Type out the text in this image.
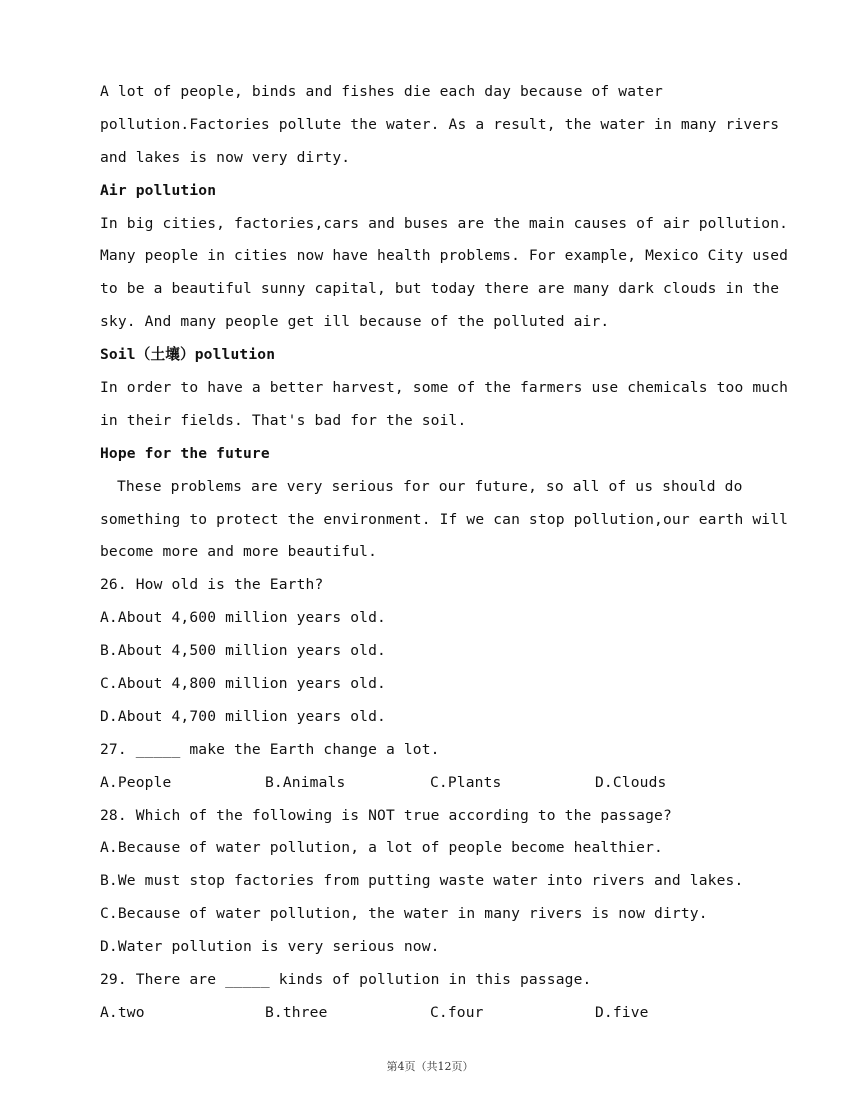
A lot of people, binds and fishes die each day because of water
pollution.Factories pollute the water. As a result, the water in many rivers
and lakes is now very dirty.
Air pollution
In big cities, factories,cars and buses are the main causes of air pollution.
Many people in cities now have health problems. For example, Mexico City used
to be a beautiful sunny capital, but today there are many dark clouds in the
sky. And many people get ill because of the polluted air.
Soil（土壤）pollution
In order to have a better harvest, some of the farmers use chemicals too much
in their fields. That's bad for the soil.
Hope for the future
These problems are very serious for our future, so all of us should do
something to protect the environment. If we can stop pollution,our earth will
become more and more beautiful.
26. How old is the Earth?
A.About 4,600 million years old.
B.About 4,500 million years old.
C.About 4,800 million years old.
D.About 4,700 million years old.
27. _____ make the Earth change a lot.
A.People	B.Animals	C.Plants	D.Clouds
28. Which of the following is NOT true according to the passage?
A.Because of water pollution, a lot of people become healthier.
B.We must stop factories from putting waste water into rivers and lakes.
C.Because of water pollution, the water in many rivers is now dirty.
D.Water pollution is very serious now.
29. There are _____ kinds of pollution in this passage.
A.two	B.three	C.four	D.five
第4页（共12页）
